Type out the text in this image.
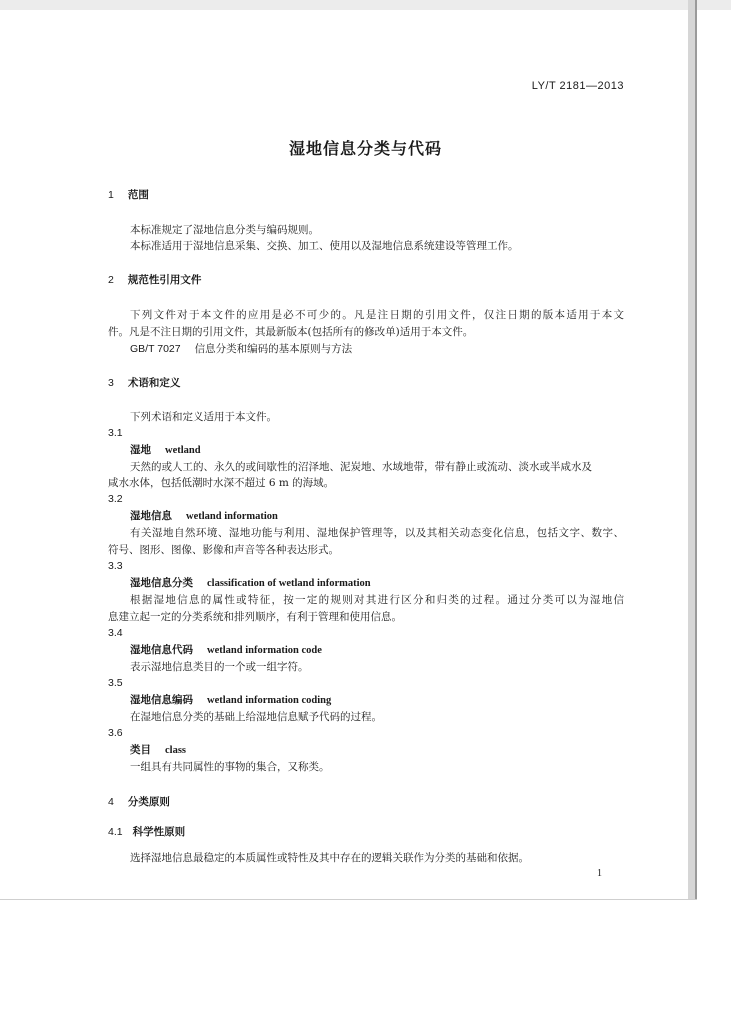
LY/T 2181—2013
湿地信息分类与代码
1 范围
本标准规定了湿地信息分类与编码规则。
本标准适用于湿地信息采集、交换、加工、使用以及湿地信息系统建设等管理工作。
2 规范性引用文件
下列文件对于本文件的应用是必不可少的。凡是注日期的引用文件，仅注日期的版本适用于本文
件。凡是不注日期的引用文件，其最新版本(包括所有的修改单)适用于本文件。
GB/T 7027 信息分类和编码的基本原则与方法
3 术语和定义
下列术语和定义适用于本文件。
3.1
湿地 wetland
天然的或人工的、永久的或间歇性的沼泽地、泥炭地、水域地带，带有静止或流动、淡水或半咸水及
咸水水体，包括低潮时水深不超过 6 m 的海域。
3.2
湿地信息 wetland information
有关湿地自然环境、湿地功能与利用、湿地保护管理等，以及其相关动态变化信息，包括文字、数字、
符号、图形、图像、影像和声音等各种表达形式。
3.3
湿地信息分类 classification of wetland information
根据湿地信息的属性或特征，按一定的规则对其进行区分和归类的过程。通过分类可以为湿地信
息建立起一定的分类系统和排列顺序，有利于管理和使用信息。
3.4
湿地信息代码 wetland information code
表示湿地信息类目的一个或一组字符。
3.5
湿地信息编码 wetland information coding
在湿地信息分类的基础上给湿地信息赋予代码的过程。
3.6
类目 class
一组具有共同属性的事物的集合，又称类。
4 分类原则
4.1 科学性原则
选择湿地信息最稳定的本质属性或特性及其中存在的逻辑关联作为分类的基础和依据。
1
